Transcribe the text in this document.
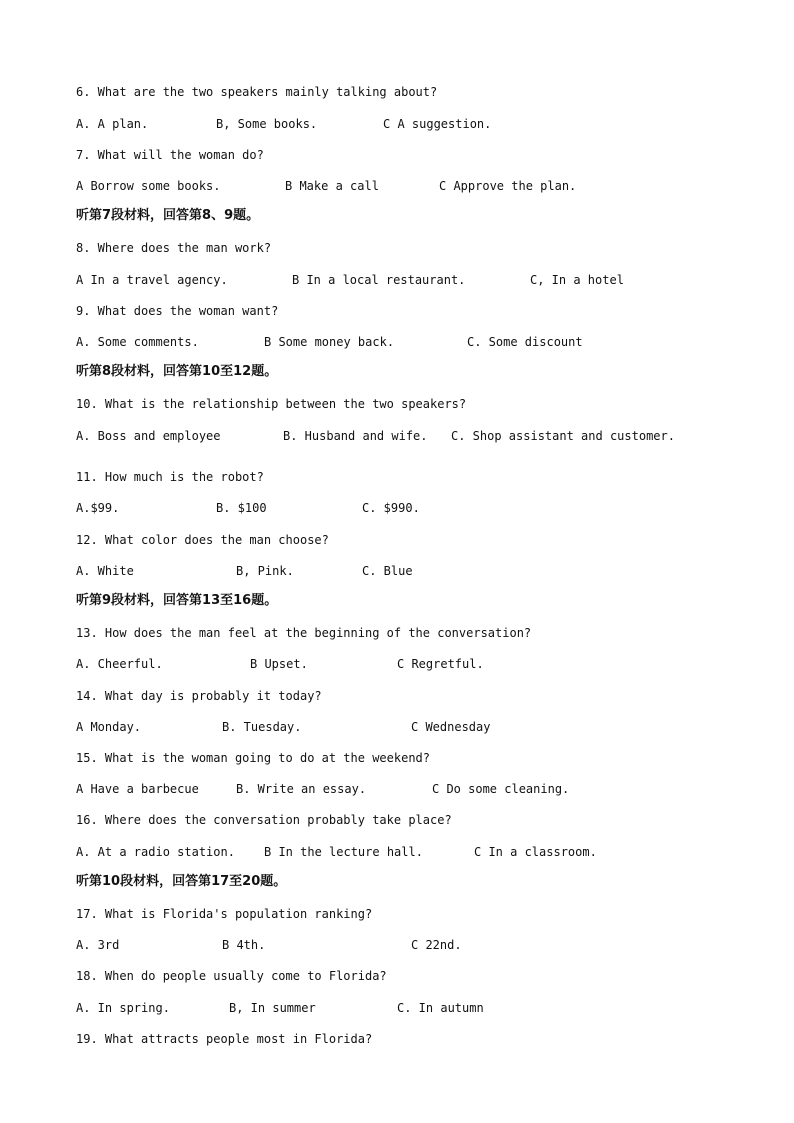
6. What are the two speakers mainly talking about?
A. A plan.	B, Some books.	C A suggestion.
7. What will the woman do?
A Borrow some books.	B Make a call	C Approve the plan.
听第7段材料，回答第8、9题。
8. Where does the man work?
A In a travel agency.	B In a local restaurant.	C, In a hotel
9. What does the woman want?
A. Some comments.	B Some money back.	C. Some discount
听第8段材料，回答第10至12题。
10. What is the relationship between the two speakers?
A. Boss and employee	B. Husband and wife. C. Shop assistant and customer.
11. How much is the robot?
A.$99.	B. $100	C. $990.
12. What color does the man choose?
A. White	B, Pink.	C. Blue
听第9段材料，回答第13至16题。
13. How does the man feel at the beginning of the conversation?
A. Cheerful.	B Upset.	C Regretful.
14. What day is probably it today?
A Monday.	B. Tuesday.	C Wednesday
15. What is the woman going to do at the weekend?
A Have a barbecue	B. Write an essay.	C Do some cleaning.
16. Where does the conversation probably take place?
A. At a radio station. B In the lecture hall.	C In a classroom.
听第10段材料，回答第17至20题。
17. What is Florida's population ranking?
A. 3rd	B 4th.	C 22nd.
18. When do people usually come to Florida?
A. In spring.	B, In summer	C. In autumn
19. What attracts people most in Florida?
